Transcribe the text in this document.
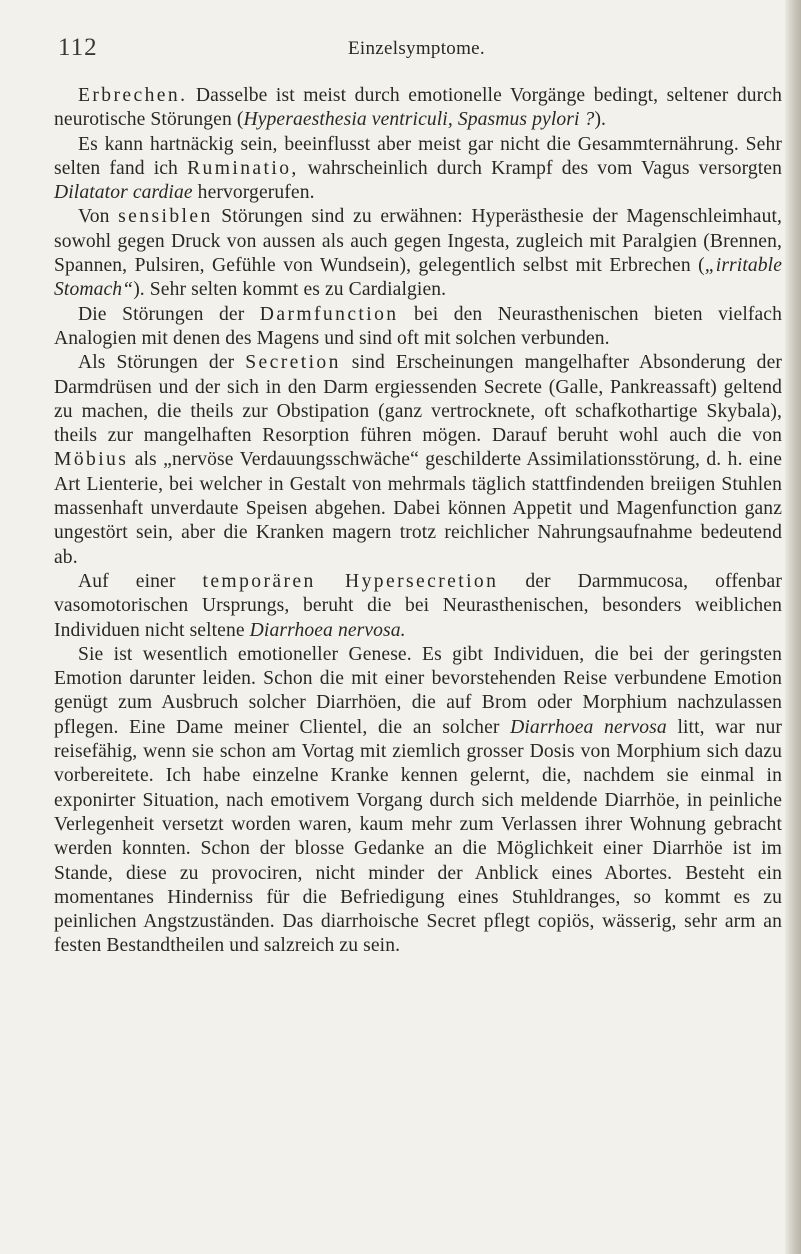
112	Einzelsymptome.

Erbrechen. Dasselbe ist meist durch emotionelle Vorgänge bedingt, seltener durch neurotische Störungen (Hyperaesthesia ventriculi, Spasmus pylori ?).

Es kann hartnäckig sein, beeinflusst aber meist gar nicht die Gesammternährung. Sehr selten fand ich Ruminatio, wahrscheinlich durch Krampf des vom Vagus versorgten Dilatator cardiae hervorgerufen.

Von sensiblen Störungen sind zu erwähnen: Hyperästhesie der Magenschleimhaut, sowohl gegen Druck von aussen als auch gegen Ingesta, zugleich mit Paralgien (Brennen, Spannen, Pulsiren, Gefühle von Wundsein), gelegentlich selbst mit Erbrechen („irritable Stomach“). Sehr selten kommt es zu Cardialgien.

Die Störungen der Darmfunction bei den Neurasthenischen bieten vielfach Analogien mit denen des Magens und sind oft mit solchen verbunden.

Als Störungen der Secretion sind Erscheinungen mangelhafter Absonderung der Darmdrüsen und der sich in den Darm ergiessenden Secrete (Galle, Pankreassaft) geltend zu machen, die theils zur Obstipation (ganz vertrocknete, oft schafkothartige Skybala), theils zur mangelhaften Resorption führen mögen. Darauf beruht wohl auch die von Möbius als „nervöse Verdauungsschwäche“ geschilderte Assimilationsstörung, d. h. eine Art Lienterie, bei welcher in Gestalt von mehrmals täglich stattfindenden breiigen Stuhlen massenhaft unverdaute Speisen abgehen. Dabei können Appetit und Magenfunction ganz ungestört sein, aber die Kranken magern trotz reichlicher Nahrungsaufnahme bedeutend ab.

Auf einer temporären Hypersecretion der Darmmucosa, offenbar vasomotorischen Ursprungs, beruht die bei Neurasthenischen, besonders weiblichen Individuen nicht seltene Diarrhoea nervosa.

Sie ist wesentlich emotioneller Genese. Es gibt Individuen, die bei der geringsten Emotion darunter leiden. Schon die mit einer bevorstehenden Reise verbundene Emotion genügt zum Ausbruch solcher Diarrhöen, die auf Brom oder Morphium nachzulassen pflegen. Eine Dame meiner Clientel, die an solcher Diarrhoea nervosa litt, war nur reisefähig, wenn sie schon am Vortag mit ziemlich grosser Dosis von Morphium sich dazu vorbereitete. Ich habe einzelne Kranke kennen gelernt, die, nachdem sie einmal in exponirter Situation, nach emotivem Vorgang durch sich meldende Diarrhöe, in peinliche Verlegenheit versetzt worden waren, kaum mehr zum Verlassen ihrer Wohnung gebracht werden konnten. Schon der blosse Gedanke an die Möglichkeit einer Diarrhöe ist im Stande, diese zu provociren, nicht minder der Anblick eines Abortes. Besteht ein momentanes Hinderniss für die Befriedigung eines Stuhldranges, so kommt es zu peinlichen Angstzuständen. Das diarrhoische Secret pflegt copiös, wässerig, sehr arm an festen Bestandtheilen und salzreich zu sein.
